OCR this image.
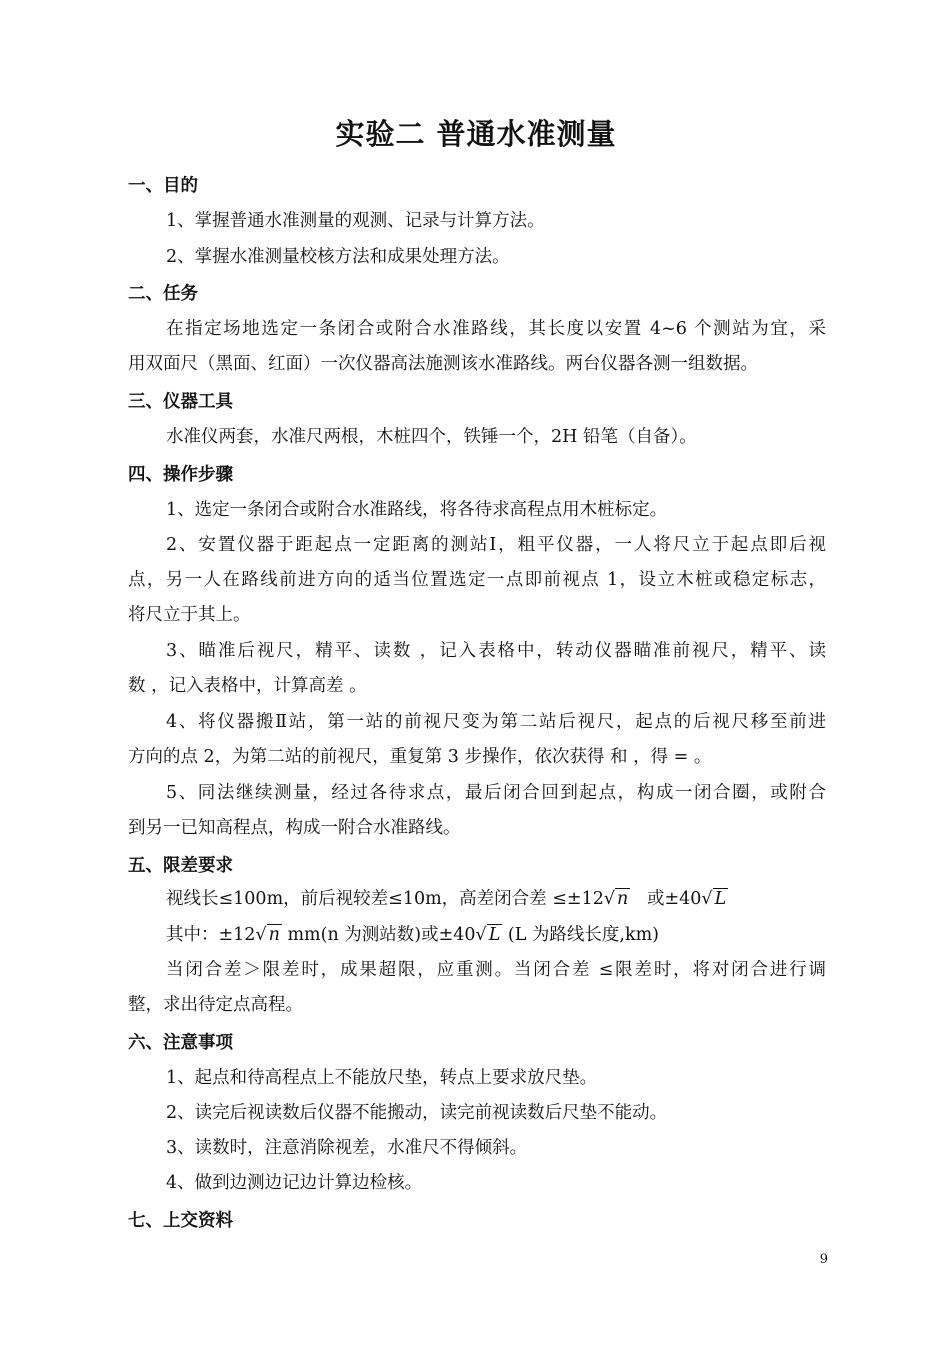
实验二 普通水准测量
一、目的
1、掌握普通水准测量的观测、记录与计算方法。
2、掌握水准测量校核方法和成果处理方法。
二、任务
在指定场地选定一条闭合或附合水准路线，其长度以安置 4~6 个测站为宜，采
用双面尺（黑面、红面）一次仪器高法施测该水准路线。两台仪器各测一组数据。
三、仪器工具
水准仪两套，水准尺两根，木桩四个，铁锤一个，2H 铅笔（自备）。
四、操作步骤
1、选定一条闭合或附合水准路线，将各待求高程点用木桩标定。
2、安置仪器于距起点一定距离的测站Ⅰ，粗平仪器，一人将尺立于起点即后视
点，另一人在路线前进方向的适当位置选定一点即前视点 1，设立木桩或稳定标志，
将尺立于其上。
3、瞄准后视尺，精平、读数 ，记入表格中，转动仪器瞄准前视尺，精平、读
数 ，记入表格中，计算高差 。
4、将仪器搬Ⅱ站，第一站的前视尺变为第二站后视尺，起点的后视尺移至前进
方向的点 2，为第二站的前视尺，重复第 3 步操作，依次获得 和 ，得 = 。
5、同法继续测量，经过各待求点，最后闭合回到起点，构成一闭合圈，或附合
到另一已知高程点，构成一附合水准路线。
五、限差要求
视线长≤100m，前后视较差≤10m，高差闭合差 ≤±12√ n 或±40√ L
其中：±12√ n mm(n 为测站数)或±40√ L (L 为路线长度,km)
当闭合差＞限差时，成果超限，应重测。当闭合差 ≤限差时，将对闭合进行调
整，求出待定点高程。
六、注意事项
1、起点和待高程点上不能放尺垫，转点上要求放尺垫。
2、读完后视读数后仪器不能搬动，读完前视读数后尺垫不能动。
3、读数时，注意消除视差，水准尺不得倾斜。
4、做到边测边记边计算边检核。
七、上交资料
9
